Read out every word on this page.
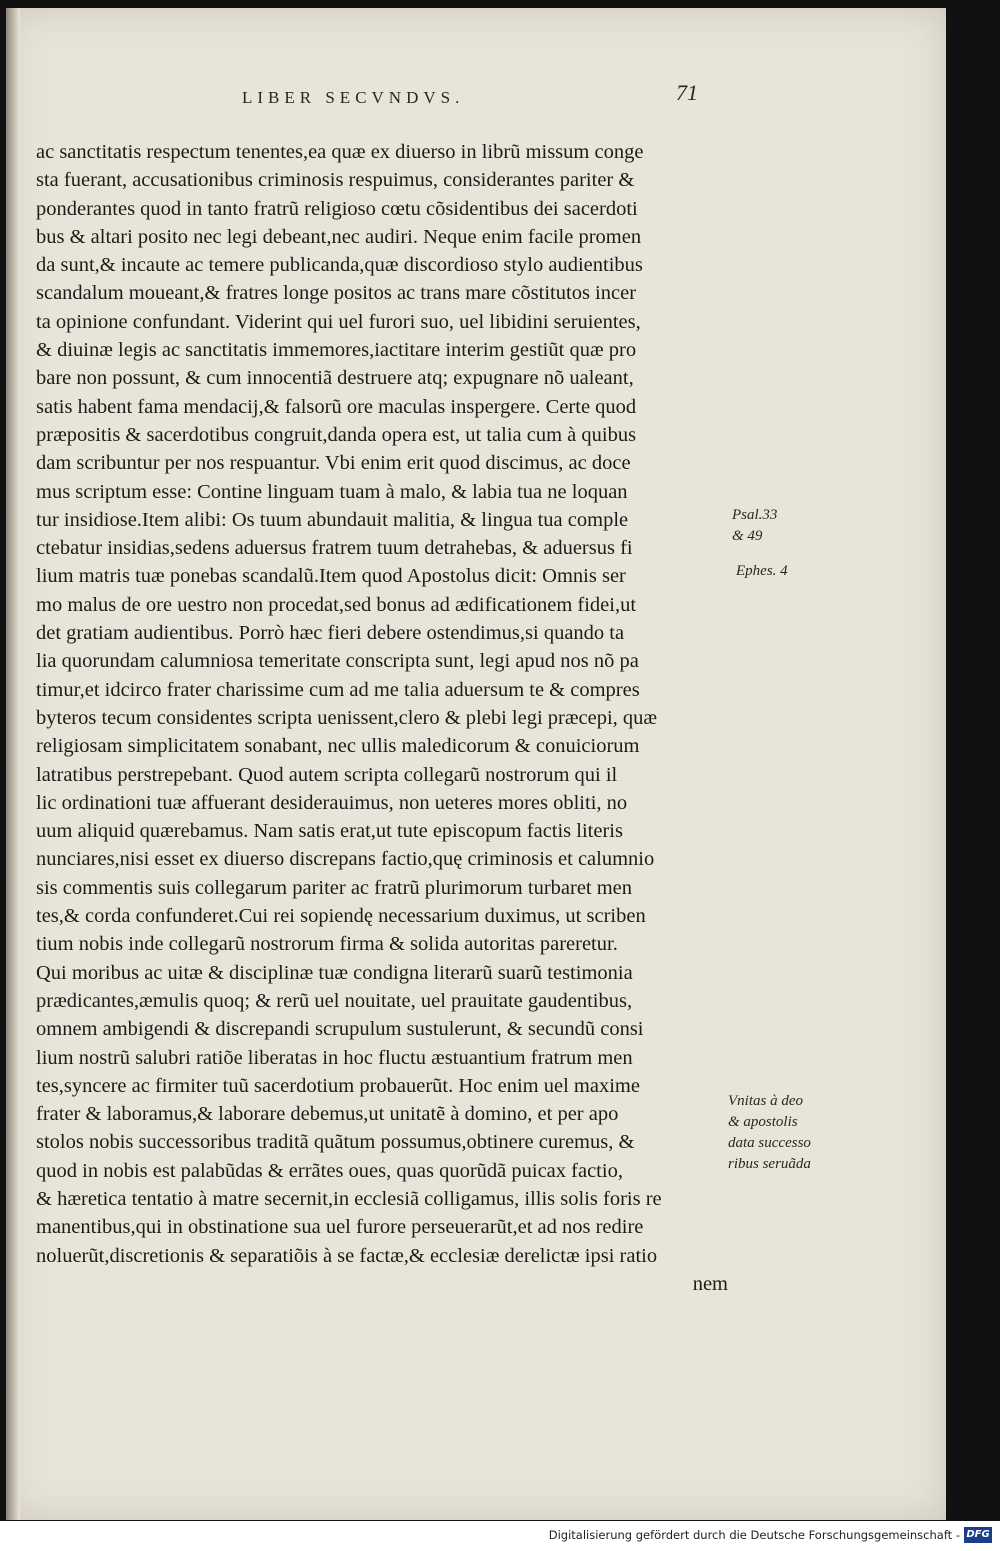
LIBER SECVNDVS.	71
ac sanctitatis respectum tenentes,ea quæ ex diuerso in librũ missum conge
sta fuerant, accusationibus criminosis respuimus, considerantes pariter &
ponderantes quod in tanto fratrũ religioso cœtu cõsidentibus dei sacerdoti
bus & altari posito nec legi debeant,nec audiri. Neque enim facile promen
da sunt,& incaute ac temere publicanda,quæ discordioso stylo audientibus
scandalum moueant,& fratres longe positos ac trans mare cõstitutos incer
ta opinione confundant. Viderint qui uel furori suo, uel libidini seruientes,
& diuinæ legis ac sanctitatis immemores,iactitare interim gestiũt quæ pro
bare non possunt, & cum innocentiã destruere atq; expugnare nõ ualeant,
satis habent fama mendacij,& falsorũ ore maculas inspergere. Certe quod
præpositis & sacerdotibus congruit,danda opera est, ut talia cum à quibus
dam scribuntur per nos respuantur. Vbi enim erit quod discimus, ac doce
mus scriptum esse: Contine linguam tuam à malo, & labia tua ne loquan
tur insidiose.Item alibi: Os tuum abundauit malitia, & lingua tua comple
ctebatur insidias,sedens aduersus fratrem tuum detrahebas, & aduersus fi
lium matris tuæ ponebas scandalũ.Item quod Apostolus dicit: Omnis ser
mo malus de ore uestro non procedat,sed bonus ad ædificationem fidei,ut
det gratiam audientibus. Porrò hæc fieri debere ostendimus,si quando ta
lia quorundam calumniosa temeritate conscripta sunt, legi apud nos nõ pa
timur,et idcirco frater charissime cum ad me talia aduersum te & compres
byteros tecum considentes scripta uenissent,clero & plebi legi præcepi, quæ
religiosam simplicitatem sonabant, nec ullis maledicorum & conuiciorum
latratibus perstrepebant. Quod autem scripta collegarũ nostrorum qui il
lic ordinationi tuæ affuerant desiderauimus, non ueteres mores obliti, no
uum aliquid quærebamus. Nam satis erat,ut tute episcopum factis literis
nunciares,nisi esset ex diuerso discrepans factio,quę criminosis et calumnio
sis commentis suis collegarum pariter ac fratrũ plurimorum turbaret men
tes,& corda confunderet.Cui rei sopiendę necessarium duximus, ut scriben
tium nobis inde collegarũ nostrorum firma & solida autoritas pareretur.
Qui moribus ac uitæ & disciplinæ tuæ condigna literarũ suarũ testimonia
prædicantes,æmulis quoq; & rerũ uel nouitate, uel prauitate gaudentibus,
omnem ambigendi & discrepandi scrupulum sustulerunt, & secundũ consi
lium nostrũ salubri ratiõe liberatas in hoc fluctu æstuantium fratrum men
tes,syncere ac firmiter tuũ sacerdotium probauerũt. Hoc enim uel maxime
frater & laboramus,& laborare debemus,ut unitatẽ à domino, et per apo
stolos nobis successoribus traditã quãtum possumus,obtinere curemus, &
quod in nobis est palabũdas & errãtes oues, quas quorũdã puicax factio,
& hæretica tentatio à matre secernit,in ecclesiã colligamus, illis solis foris re
manentibus,qui in obstinatione sua uel furore perseuerarũt,et ad nos redire
noluerũt,discretionis & separatiõis à se factæ,& ecclesiæ derelictæ ipsi ratio
nem
Psal.33
& 49
Ephes. 4
Vnitas à deo
& apostolis
data successo
ribus seruãda
Digitalisierung gefördert durch die Deutsche Forschungsgemeinschaft - DFG
